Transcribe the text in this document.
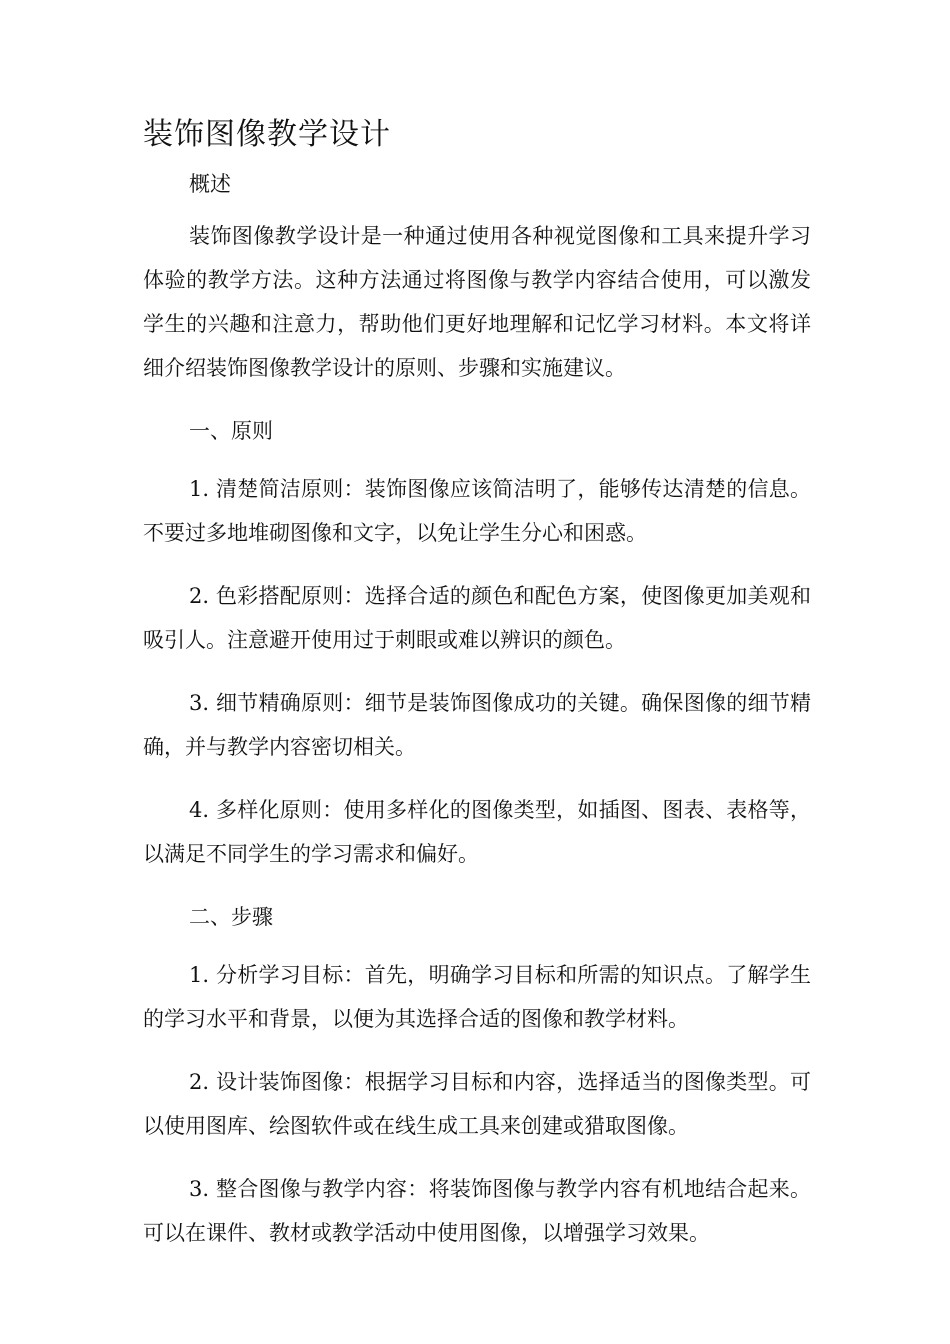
装饰图像教学设计

概述

装饰图像教学设计是一种通过使用各种视觉图像和工具来提升学习体验的教学方法。这种方法通过将图像与教学内容结合使用，可以激发学生的兴趣和注意力，帮助他们更好地理解和记忆学习材料。本文将详细介绍装饰图像教学设计的原则、步骤和实施建议。

一、原则

1. 清楚简洁原则：装饰图像应该简洁明了，能够传达清楚的信息。不要过多地堆砌图像和文字，以免让学生分心和困惑。

2. 色彩搭配原则：选择合适的颜色和配色方案，使图像更加美观和吸引人。注意避开使用过于刺眼或难以辨识的颜色。

3. 细节精确原则：细节是装饰图像成功的关键。确保图像的细节精确，并与教学内容密切相关。

4. 多样化原则：使用多样化的图像类型，如插图、图表、表格等，以满足不同学生的学习需求和偏好。

二、步骤

1. 分析学习目标：首先，明确学习目标和所需的知识点。了解学生的学习水平和背景，以便为其选择合适的图像和教学材料。

2. 设计装饰图像：根据学习目标和内容，选择适当的图像类型。可以使用图库、绘图软件或在线生成工具来创建或猎取图像。

3. 整合图像与教学内容：将装饰图像与教学内容有机地结合起来。可以在课件、教材或教学活动中使用图像，以增强学习效果。
